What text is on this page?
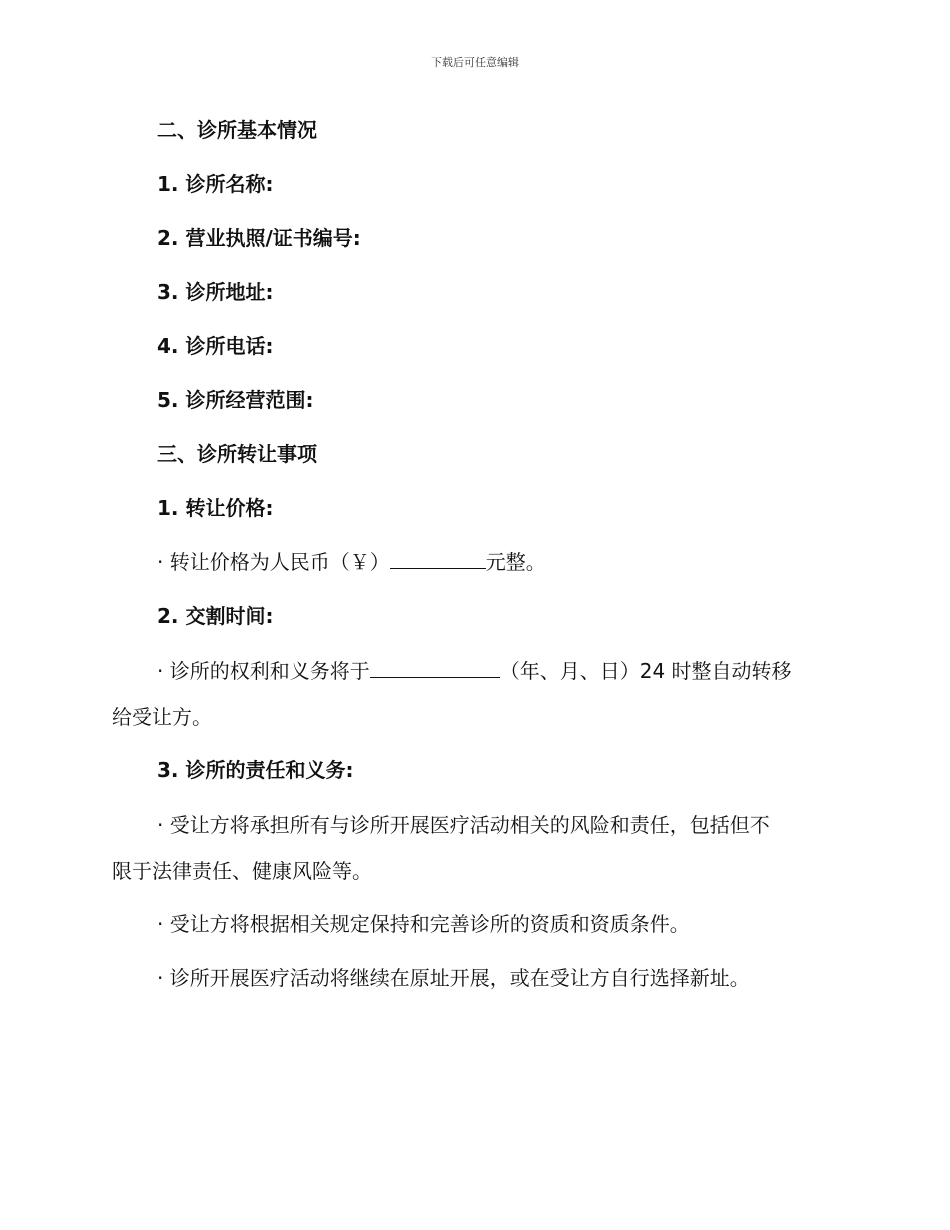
下载后可任意编辑
二、诊所基本情况
1. 诊所名称:
2. 营业执照/证书编号:
3. 诊所地址:
4. 诊所电话:
5. 诊所经营范围:
三、诊所转让事项
1. 转让价格:
· 转让价格为人民币（￥）	元整。
2. 交割时间:
· 诊所的权利和义务将于	（年、月、日）24 时整自动转移
给受让方。
3. 诊所的责任和义务:
· 受让方将承担所有与诊所开展医疗活动相关的风险和责任，包括但不
限于法律责任、健康风险等。
· 受让方将根据相关规定保持和完善诊所的资质和资质条件。
· 诊所开展医疗活动将继续在原址开展，或在受让方自行选择新址。
